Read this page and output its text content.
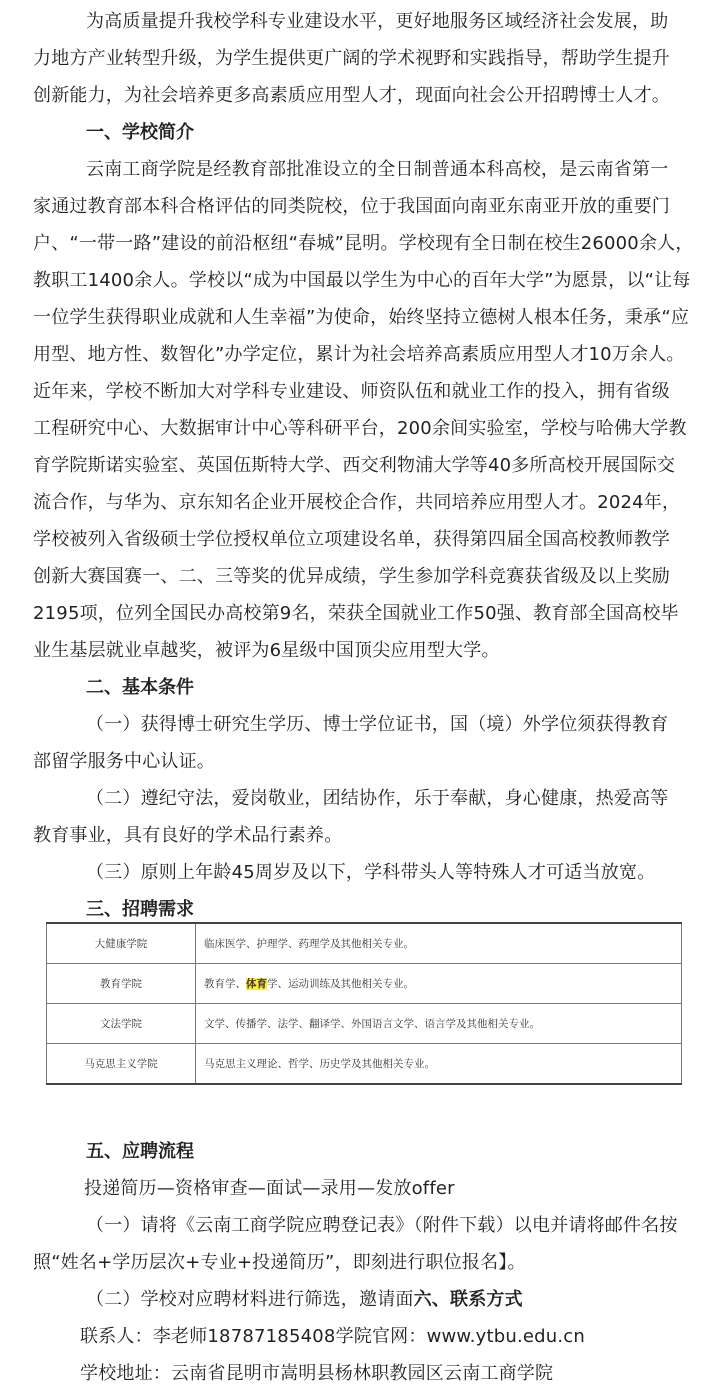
为高质量提升我校学科专业建设水平，更好地服务区域经济社会发展，助
力地方产业转型升级，为学生提供更广阔的学术视野和实践指导，帮助学生提升
创新能力，为社会培养更多高素质应用型人才，现面向社会公开招聘博士人才。
一、学校简介
云南工商学院是经教育部批准设立的全日制普通本科高校，是云南省第一
家通过教育部本科合格评估的同类院校，位于我国面向南亚东南亚开放的重要门
户、“一带一路”建设的前沿枢纽“春城”昆明。学校现有全日制在校生26000余人，
教职工1400余人。学校以“成为中国最以学生为中心的百年大学”为愿景，以“让每
一位学生获得职业成就和人生幸福”为使命，始终坚持立德树人根本任务，秉承“应
用型、地方性、数智化”办学定位，累计为社会培养高素质应用型人才10万余人。
近年来，学校不断加大对学科专业建设、师资队伍和就业工作的投入，拥有省级
工程研究中心、大数据审计中心等科研平台，200余间实验室，学校与哈佛大学教
育学院斯诺实验室、英国伍斯特大学、西交利物浦大学等40多所高校开展国际交
流合作，与华为、京东知名企业开展校企合作，共同培养应用型人才。2024年，
学校被列入省级硕士学位授权单位立项建设名单，获得第四届全国高校教师教学
创新大赛国赛一、二、三等奖的优异成绩，学生参加学科竞赛获省级及以上奖励
2195项，位列全国民办高校第9名，荣获全国就业工作50强、教育部全国高校毕
业生基层就业卓越奖，被评为6星级中国顶尖应用型大学。
二、基本条件
（一）获得博士研究生学历、博士学位证书，国（境）外学位须获得教育
部留学服务中心认证。
（二）遵纪守法，爱岗敬业，团结协作，乐于奉献，身心健康，热爱高等
教育事业，具有良好的学术品行素养。
（三）原则上年龄45周岁及以下，学科带头人等特殊人才可适当放宽。
三、招聘需求
大健康学院	临床医学、护理学、药理学及其他相关专业。
教育学院	教育学、体育学、运动训练及其他相关专业。
文法学院	文学、传播学、法学、翻译学、外国语言文学、语言学及其他相关专业。
马克思主义学院	马克思主义理论、哲学、历史学及其他相关专业。
五、应聘流程
投递简历—资格审查—面试—录用—发放offer
（一）请将《云南工商学院应聘登记表》（附件下载）以电并请将邮件名按
照“姓名+学历层次+专业+投递简历”，即刻进行职位报名】。
（二）学校对应聘材料进行筛选，邀请面六、联系方式
联系人：李老师18787185408学院官网：www.ytbu.edu.cn
学校地址：云南省昆明市嵩明县杨林职教园区云南工商学院
